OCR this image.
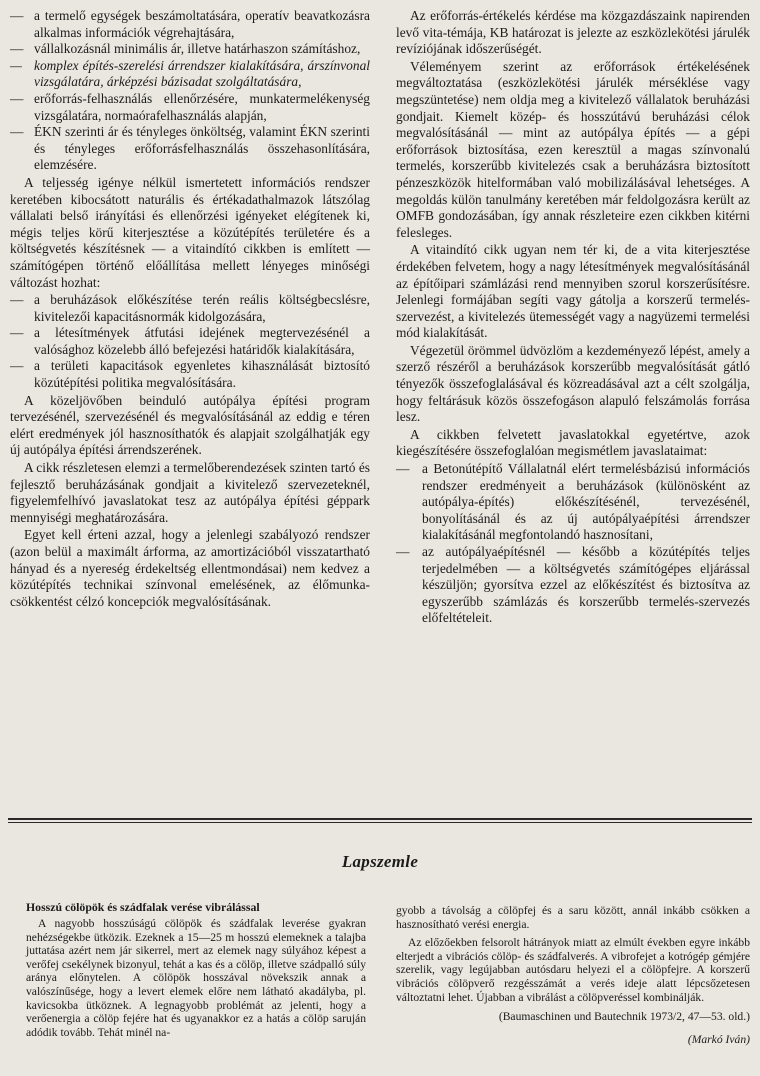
— a termelő egységek beszámoltatására, operatív beavatkozásra alkalmas információk végrehajtására,
— vállalkozásnál minimális ár, illetve határhaszon számításhoz,
— komplex építés-szerelési árrendszer kialakítására, árszínvonal vizsgálatára, árképzési bázisadat szolgáltatására,
— erőforrás-felhasználás ellenőrzésére, munkatermelékenység vizsgálatára, normaórafelhasználás alapján,
— ÉKN szerinti ár és tényleges önköltség, valamint ÉKN szerinti és tényleges erőforrásfelhasználás összehasonlítására, elemzésére.

A teljesség igénye nélkül ismertetett információs rendszer keretében kibocsátott naturális és értékadathalmazok látszólag vállalati belső irányítási és ellenőrzési igényeket elégítenek ki, mégis teljes körű kiterjesztése a közútépítés területére és a költségvetés készítésnek — a vitaindító cikkben is említett — számítógépen történő előállítása mellett lényeges minőségi változást hozhat:

— a beruházások előkészítése terén reális költségbecslésre, kivitelezői kapacitásnormák kidolgozására,
— a létesítmények átfutási idejének megtervezésénél a valósághoz közelebb álló befejezési határidők kialakítására,
— a területi kapacitások egyenletes kihasználását biztosító közútépítési politika megvalósítására.

A közeljövőben beinduló autópálya építési program tervezésénél, szervezésénél és megvalósításánál az eddig e téren elért eredmények jól hasznosíthatók és alapjait szolgálhatják egy új autópálya építési árrendszerének.

A cikk részletesen elemzi a termelőberendezések szinten tartó és fejlesztő beruházásának gondjait a kivitelező szervezeteknél, figyelemfelhívó javaslatokat tesz az autópálya építési géppark mennyiségi meghatározására.

Egyet kell érteni azzal, hogy a jelenlegi szabályozó rendszer (azon belül a maximált árforma, az amortizációból visszatartható hányad és a nyereség érdekeltség ellentmondásai) nem kedvez a közútépítés technikai színvonal emelésének, az élőmunka-csökkentést célzó koncepciók megvalósításának.

Az erőforrás-értékelés kérdése ma közgazdászaink napirenden levő vita-témája, KB határozat is jelezte az eszközlekötési járulék revíziójának időszerűségét.

Véleményem szerint az erőforrások értékelésének megváltoztatása (eszközlekötési járulék mérséklése vagy megszüntetése) nem oldja meg a kivitelező vállalatok beruházási gondjait. Kiemelt közép- és hosszútávú beruházási célok megvalósításánál — mint az autópálya építés — a gépi erőforrások biztosítása, ezen keresztül a magas színvonalú termelés, korszerűbb kivitelezés csak a beruházásra biztosított pénzeszközök hitelformában való mobilizálásával lehetséges. A megoldás külön tanulmány keretében már feldolgozásra került az OMFB gondozásában, így annak részleteire ezen cikkben kitérni felesleges.

A vitaindító cikk ugyan nem tér ki, de a vita kiterjesztése érdekében felvetem, hogy a nagy létesítmények megvalósításánál az építőipari számlázási rend mennyiben szorul korszerűsítésre. Jelenlegi formájában segíti vagy gátolja a korszerű termelés-szervezést, a kivitelezés ütemességét vagy a nagyüzemi termelési mód kialakítását.

Végezetül örömmel üdvözlöm a kezdeményező lépést, amely a szerző részéről a beruházások korszerűbb megvalósítását gátló tényezők összefoglalásával és közreadásával azt a célt szolgálja, hogy feltárásuk közös összefogáson alapuló felszámolás forrása lesz.

A cikkben felvetett javaslatokkal egyetértve, azok kiegészítésére összefoglalóan megismétlem javaslataimat:

— a Betonútépítő Vállalatnál elért termelésbázisú információs rendszer eredményeit a beruházások (különösként az autópálya-építés) előkészítésénél, tervezésénél, bonyolításánál és az új autópályaépítési árrendszer kialakításánál megfontolandó hasznosítani,
— az autópályaépítésnél — később a közútépítés teljes terjedelmében — a költségvetés számítógépes eljárással készüljön; gyorsítva ezzel az előkészítést és biztosítva az egyszerűbb számlázás és korszerűbb termelés-szervezés előfeltételeit.
Lapszemle
Hosszú cölöpök és szádfalak verése vibrálással

A nagyobb hosszúságú cölöpök és szádfalak leverése gyakran nehézségekbe ütközik. Ezeknek a 15—25 m hosszú elemeknek a talajba juttatása azért nem jár sikerrel, mert az elemek nagy súlyához képest a verőfej csekélynek bizonyul, tehát a kas és a cölöp, illetve szádpalló súly aránya előnytelen. A cölöpök hosszával növekszik annak a valószínűsége, hogy a levert elemek előre nem látható akadályba, pl. kavicsokba ütköznek. A legnagyobb problémát az jelenti, hogy a verőenergia a cölöp fejére hat és ugyanakkor ez a hatás a cölöp saruján adódik tovább. Tehát minél na-

gyobb a távolság a cölöpfej és a saru között, annál inkább csökken a hasznosítható verési energia.

Az előzőekben felsorolt hátrányok miatt az elmúlt években egyre inkább elterjedt a vibrációs cölöp- és szádfalverés. A vibrofejet a kotrógép gémjére szerelik, vagy legújabban autósdaru helyezi el a cölöpfejre. A korszerű vibrációs cölöpverő rezgésszámát a verés ideje alatt lépcsőzetesen változtatni lehet. Újabban a vibrálást a cölöpveréssel kombinálják.

(Baumaschinen und Bautechnik 1973/2, 47—53. old.)

(Markó Iván)
